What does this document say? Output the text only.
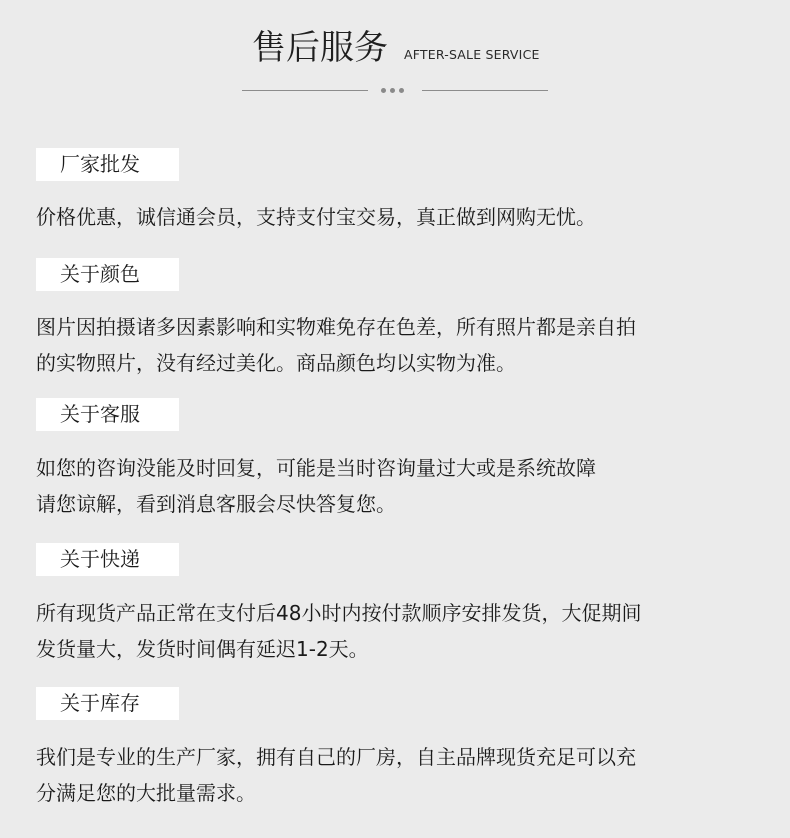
售后服务 AFTER-SALE SERVICE
厂家批发
价格优惠，诚信通会员，支持支付宝交易，真正做到网购无忧。
关于颜色
图片因拍摄诸多因素影响和实物难免存在色差，所有照片都是亲自拍
的实物照片，没有经过美化。商品颜色均以实物为准。
关于客服
如您的咨询没能及时回复，可能是当时咨询量过大或是系统故障
请您谅解，看到消息客服会尽快答复您。
关于快递
所有现货产品正常在支付后48小时内按付款顺序安排发货，大促期间
发货量大，发货时间偶有延迟1-2天。
关于库存
我们是专业的生产厂家，拥有自己的厂房，自主品牌现货充足可以充
分满足您的大批量需求。
